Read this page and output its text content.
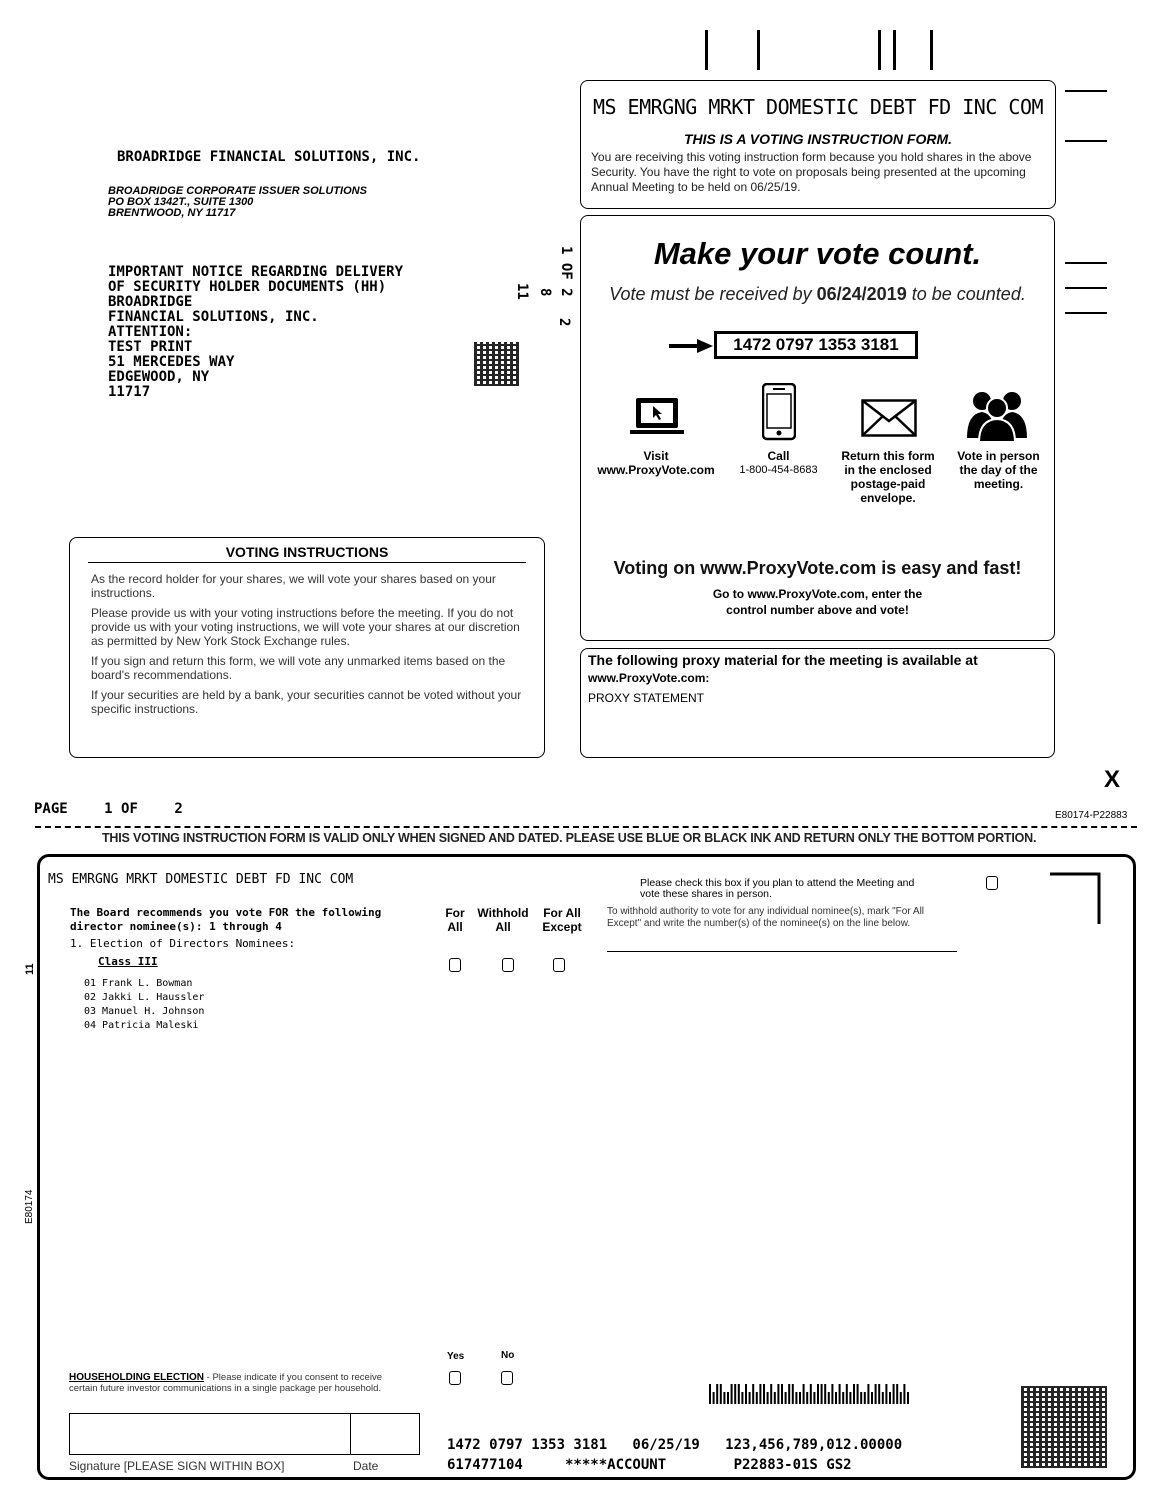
BROADRIDGE FINANCIAL SOLUTIONS, INC.
BROADRIDGE CORPORATE ISSUER SOLUTIONS
PO BOX 1342T., SUITE 1300
BRENTWOOD, NY 11717
IMPORTANT NOTICE REGARDING DELIVERY
OF SECURITY HOLDER DOCUMENTS (HH)
BROADRIDGE
FINANCIAL SOLUTIONS, INC.
ATTENTION:
TEST PRINT
51 MERCEDES WAY
EDGEWOOD, NY
11717
1 OF 2
11 8
2
MS EMRGNG MRKT DOMESTIC DEBT FD INC COM
THIS IS A VOTING INSTRUCTION FORM.
You are receiving this voting instruction form because you hold shares in the above Security. You have the right to vote on proposals being presented at the upcoming Annual Meeting to be held on 06/25/19.
Make your vote count.
Vote must be received by 06/24/2019 to be counted.
1472 0797 1353 3181
Visit
www.ProxyVote.com
Call
1-800-454-8683
Return this form
in the enclosed
postage-paid
envelope.
Vote in person
the day of the
meeting.
Voting on www.ProxyVote.com is easy and fast!
Go to www.ProxyVote.com, enter the
control number above and vote!
VOTING INSTRUCTIONS

As the record holder for your shares, we will vote your shares based on your instructions.

Please provide us with your voting instructions before the meeting. If you do not provide us with your voting instructions, we will vote your shares at our discretion as permitted by New York Stock Exchange rules.

If you sign and return this form, we will vote any unmarked items based on the board's recommendations.

If your securities are held by a bank, your securities cannot be voted without your specific instructions.

The following proxy material for the meeting is available at
www.ProxyVote.com:
PROXY STATEMENT
X
PAGE	1 OF	2	E80174-P22883
THIS VOTING INSTRUCTION FORM IS VALID ONLY WHEN SIGNED AND DATED. PLEASE USE BLUE OR BLACK INK AND RETURN ONLY THE BOTTOM PORTION.
MS EMRGNG MRKT DOMESTIC DEBT FD INC COM
The Board recommends you vote FOR the following
director nominee(s): 1 through 4
1. Election of Directors Nominees:
Class III
01 Frank L. Bowman
02 Jakki L. Haussler
03 Manuel H. Johnson
04 Patricia Maleski
For
All
Withhold
All
For All
Except
Please check this box if you plan to attend the Meeting and
vote these shares in person.
To withhold authority to vote for any individual nominee(s), mark "For All
Except" and write the number(s) of the nominee(s) on the line below.
11
E80174
Yes	No
HOUSEHOLDING ELECTION - Please indicate if you consent to receive
certain future investor communications in a single package per household.
Signature [PLEASE SIGN WITHIN BOX]	Date
1472 0797 1353 3181   06/25/19   123,456,789,012.00000
617477104     *****ACCOUNT        P22883-01S GS2
